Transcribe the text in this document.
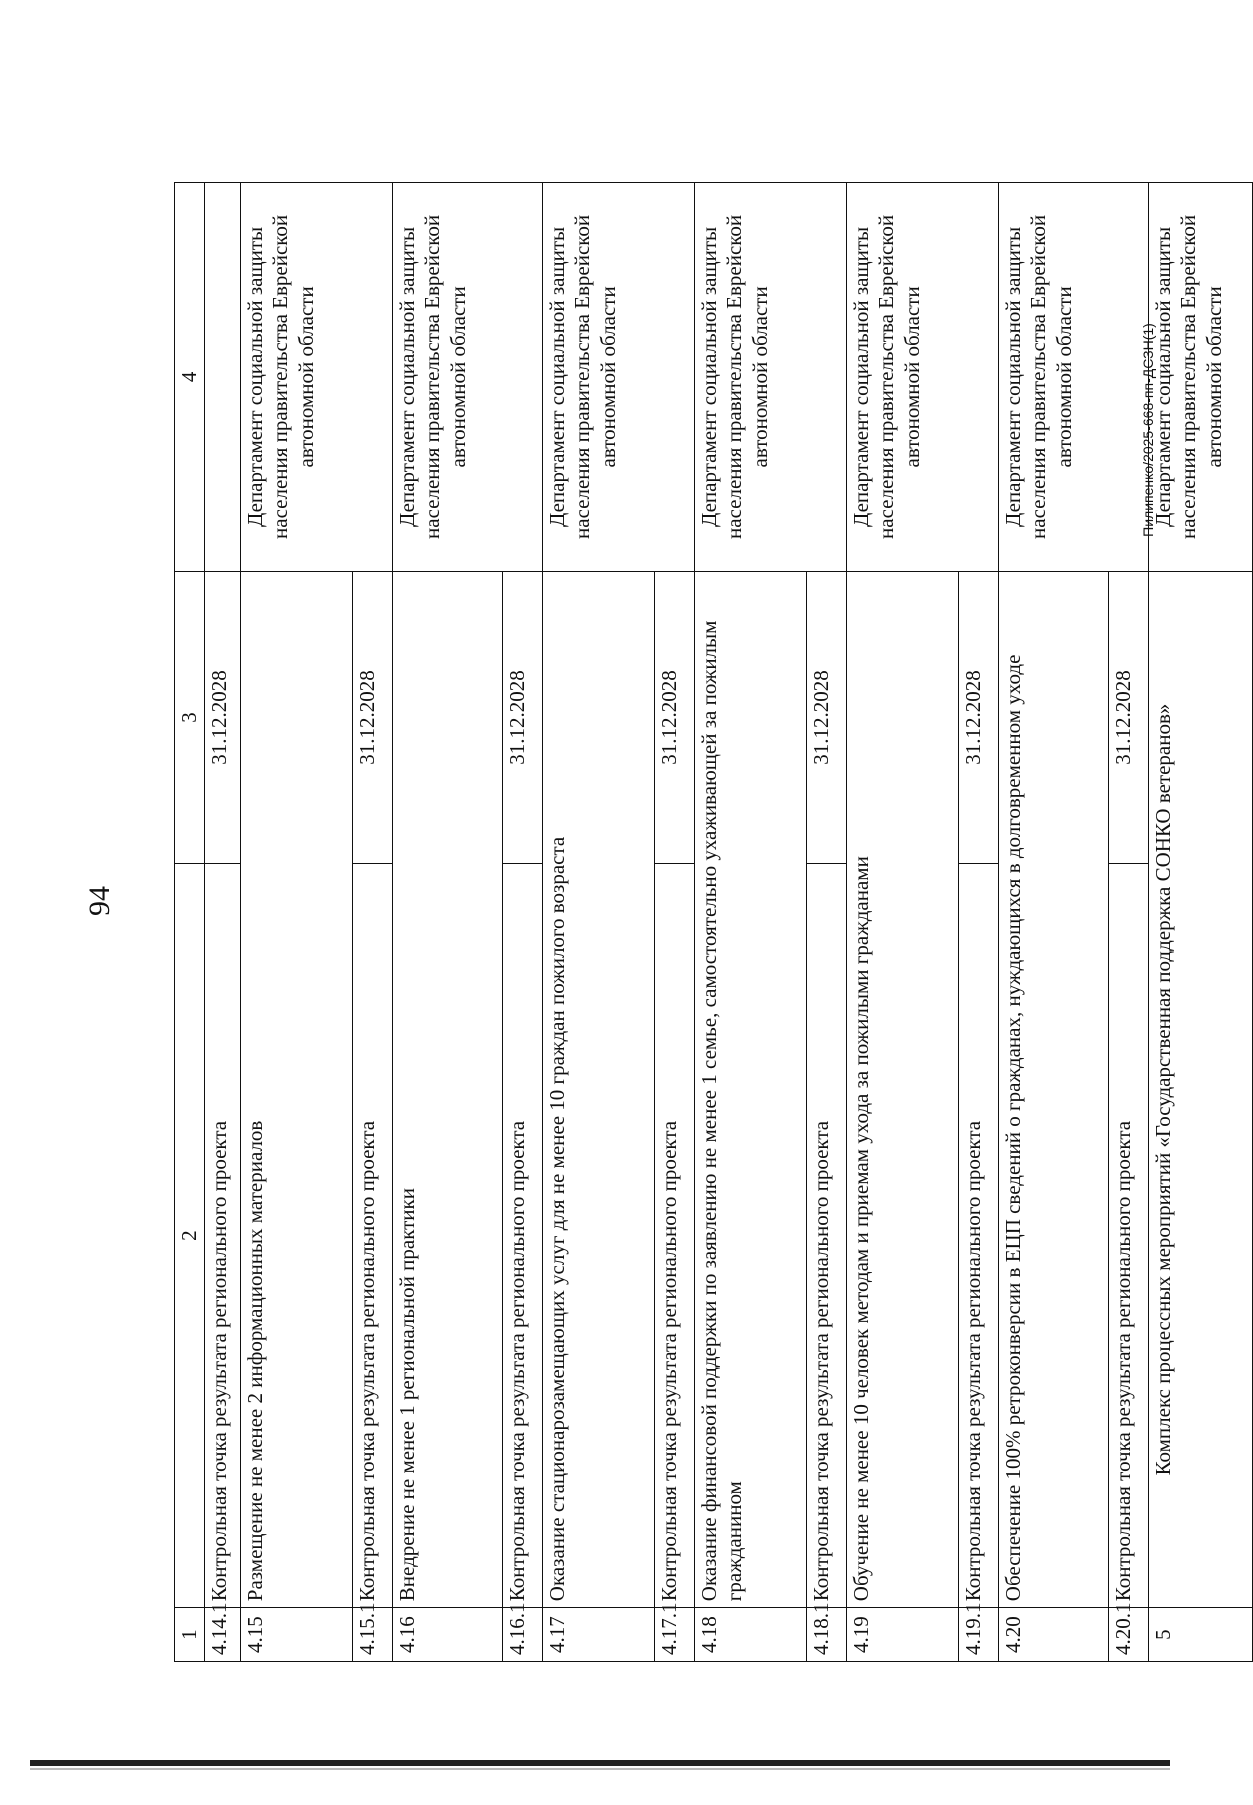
94
Пилипенко/2025-668-пп-ДСЗН(1)
1	2	3	4
4.14.1	Контрольная точка результата регионального проекта	31.12.2028	
4.15	Размещение не менее 2 информационных материалов		Департамент социальной защиты населения правительства Еврейской автономной области
4.15.1	Контрольная точка результата регионального проекта	31.12.2028	
4.16	Внедрение не менее 1 региональной практики		Департамент социальной защиты населения правительства Еврейской автономной области
4.16.1	Контрольная точка результата регионального проекта	31.12.2028	
4.17	Оказание стационарозамещающих услуг для не менее 10 граждан пожилого возраста		Департамент социальной защиты населения правительства Еврейской автономной области
4.17.1	Контрольная точка результата регионального проекта	31.12.2028	
4.18	Оказание финансовой поддержки по заявлению не менее 1 семье, самостоятельно ухаживающей за пожилым гражданином		Департамент социальной защиты населения правительства Еврейской автономной области
4.18.1	Контрольная точка результата регионального проекта	31.12.2028	
4.19	Обучение не менее 10 человек методам и приемам ухода за пожилыми гражданами		Департамент социальной защиты населения правительства Еврейской автономной области
4.19.1	Контрольная точка результата регионального проекта	31.12.2028	
4.20	Обеспечение 100% ретроконверсии в ЕЦП сведений о гражданах, нуждающихся в долговременном уходе		Департамент социальной защиты населения правительства Еврейской автономной области
4.20.1	Контрольная точка результата регионального проекта	31.12.2028	
5	Комплекс процессных мероприятий «Государственная поддержка СОНКО ветеранов»		Департамент социальной защиты населения правительства Еврейской автономной области
